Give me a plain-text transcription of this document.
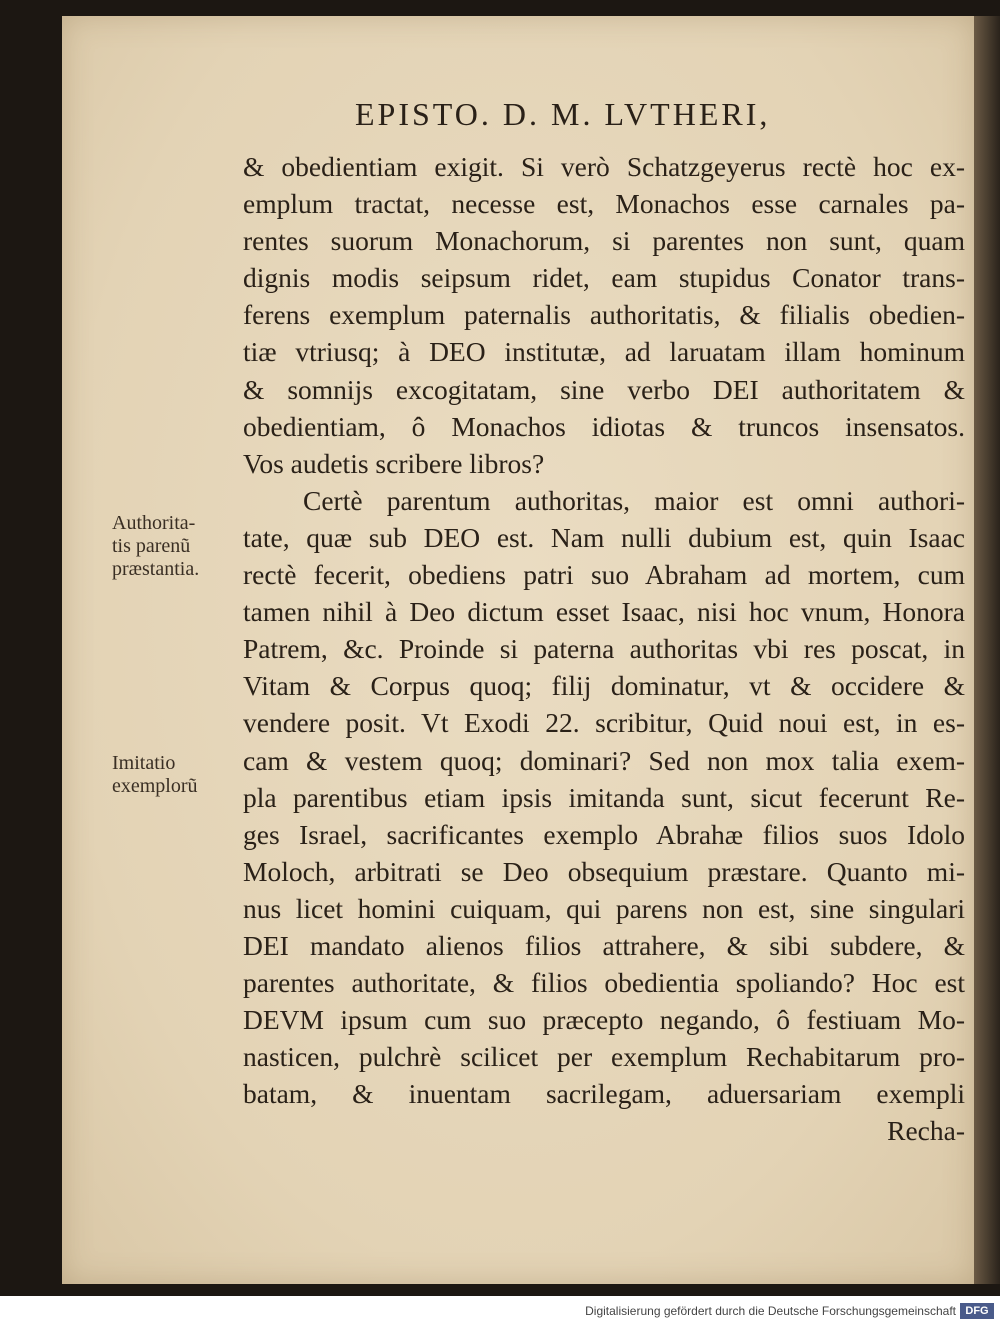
EPISTO. D. M. LVTHERI,
& obedientiam exigit. Si verò Schatzgeyerus rectè hoc ex-
emplum tractat, necesse est, Monachos esse carnales pa-
rentes suorum Monachorum, si parentes non sunt, quam
dignis modis seipsum ridet, eam stupidus Conator trans-
ferens exemplum paternalis authoritatis, & filialis obedien-
tiæ vtriusq; à DEO institutæ, ad laruatam illam hominum
& somnijs excogitatam, sine verbo DEI authoritatem &
obedientiam, ô Monachos idiotas & truncos insensatos.
Vos audetis scribere libros?
Certè parentum authoritas, maior est omni authori-
tate, quæ sub DEO est. Nam nulli dubium est, quin Isaac
rectè fecerit, obediens patri suo Abraham ad mortem, cum
tamen nihil à Deo dictum esset Isaac, nisi hoc vnum, Honora
Patrem, &c. Proinde si paterna authoritas vbi res poscat, in
Vitam & Corpus quoq; filij dominatur, vt & occidere &
vendere posit. Vt Exodi 22. scribitur, Quid noui est, in es-
cam & vestem quoq; dominari? Sed non mox talia exem-
pla parentibus etiam ipsis imitanda sunt, sicut fecerunt Re-
ges Israel, sacrificantes exemplo Abrahæ filios suos Idolo
Moloch, arbitrati se Deo obsequium præstare. Quanto mi-
nus licet homini cuiquam, qui parens non est, sine singulari
DEI mandato alienos filios attrahere, & sibi subdere, &
parentes authoritate, & filios obedientia spoliando? Hoc est
DEVM ipsum cum suo præcepto negando, ô festiuam Mo-
nasticen, pulchrè scilicet per exemplum Rechabitarum pro-
batam, & inuentam sacrilegam, aduersariam exempli
Recha-
Authorita-
tis parenũ
præstantia.
Imitatio
exemplorũ
Digitalisierung gefördert durch die Deutsche Forschungsgemeinschaft DFG
